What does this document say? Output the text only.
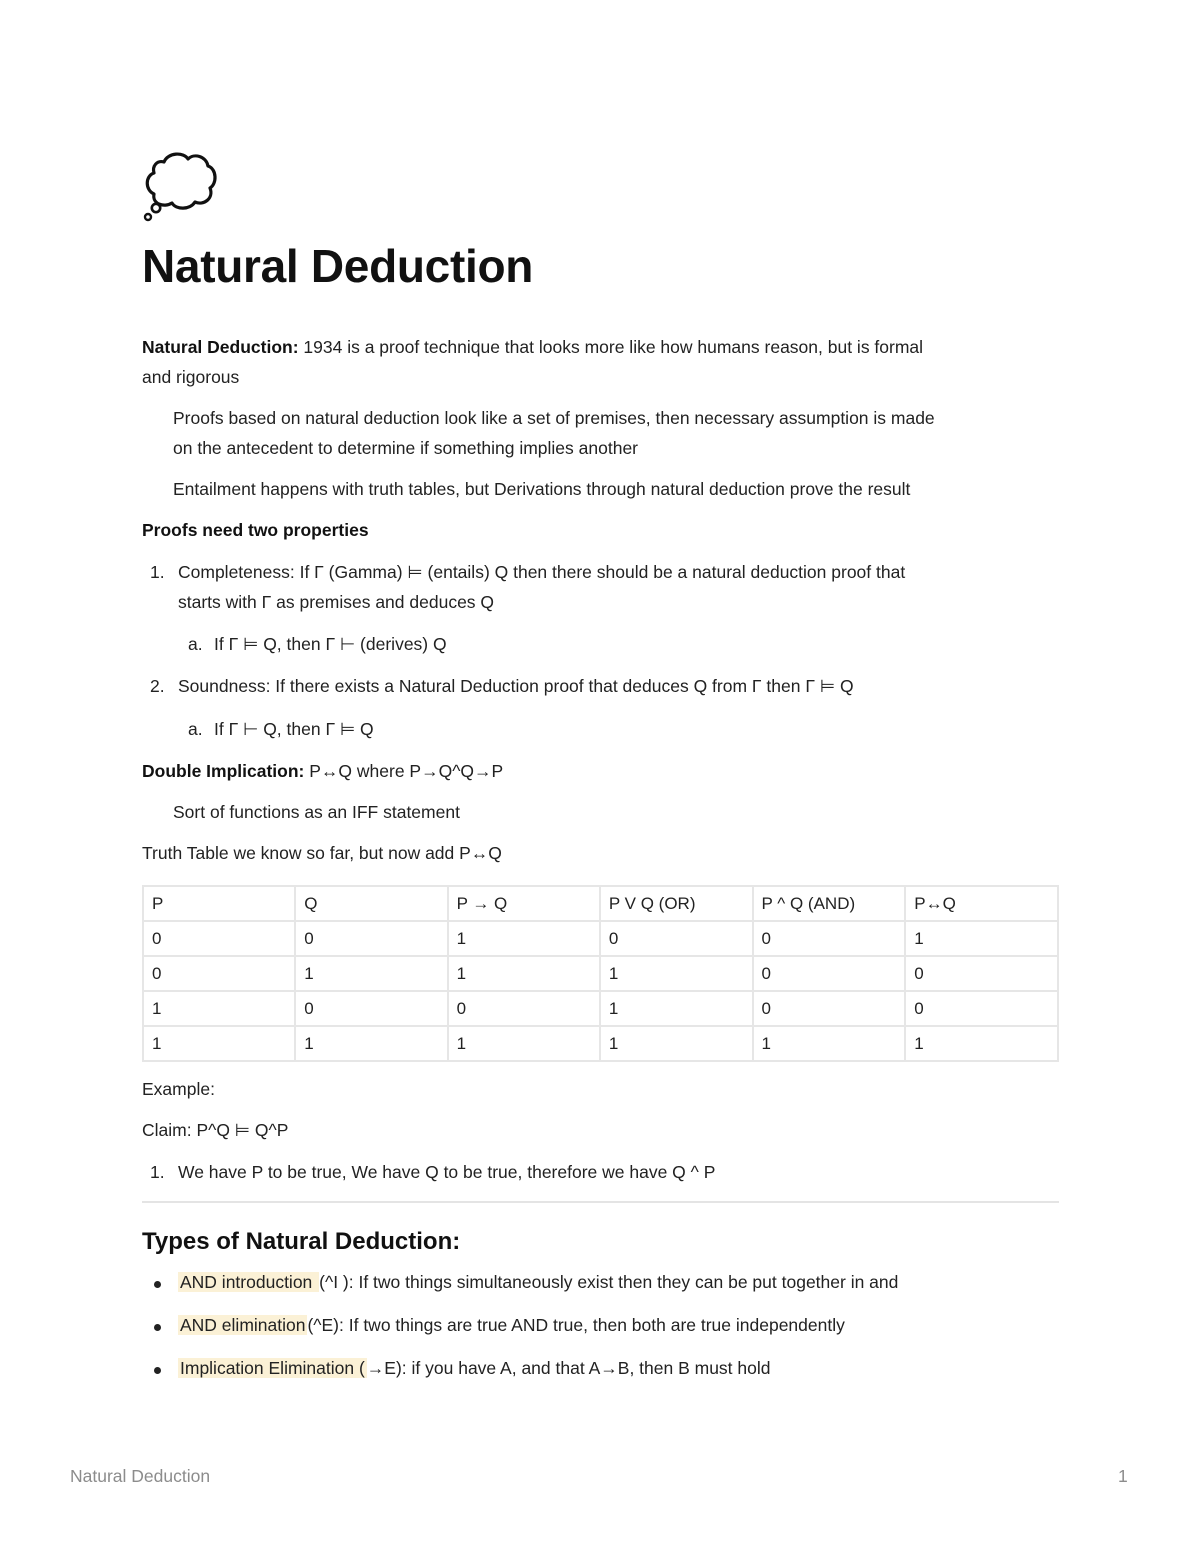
Natural Deduction

Natural Deduction: 1934 is a proof technique that looks more like how humans reason, but is formal

and rigorous

Proofs based on natural deduction look like a set of premises, then necessary assumption is made

on the antecedent to determine if something implies another

Entailment happens with truth tables, but Derivations through natural deduction prove the result

Proofs need two properties

1. Completeness: If Γ (Gamma) ⊨ (entails) Q then there should be a natural deduction proof that
starts with Γ as premises and deduces Q
a. If Γ ⊨ Q, then Γ ⊢ (derives) Q
2. Soundness: If there exists a Natural Deduction proof that deduces Q from Γ then Γ ⊨ Q
a. If Γ ⊢ Q, then Γ ⊨ Q

Double Implication: P↔Q where P→Q^Q→P

Sort of functions as an IFF statement

Truth Table we know so far, but now add P↔Q

P	Q	P → Q	P V Q (OR)	P ^ Q (AND)	P↔Q
0	0	1	0	0	1
0	1	1	1	0	0
1	0	0	1	0	0
1	1	1	1	1	1

Example:

Claim: P^Q ⊨ Q^P

1. We have P to be true, We have Q to be true, therefore we have Q ^ P
Types of Natural Deduction:
AND introduction (^I ): If two things simultaneously exist then they can be put together in and
AND elimination (^E): If two things are true AND true, then both are true independently
Implication Elimination ( →E): if you have A, and that A→B, then B must hold
Natural Deduction	1
